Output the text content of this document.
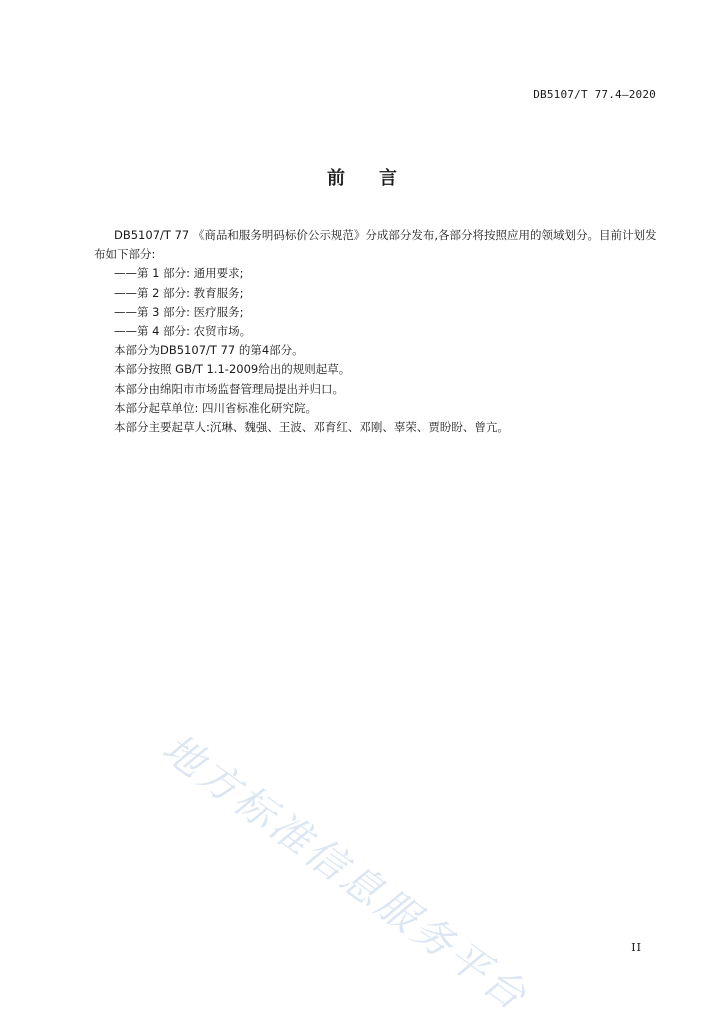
DB5107/T 77.4—2020
前言

DB5107/T 77 《商品和服务明码标价公示规范》分成部分发布,各部分将按照应用的领域划分。目前计划发布如下部分:

——第 1 部分: 通用要求;

——第 2 部分: 教育服务;

——第 3 部分: 医疗服务;

——第 4 部分: 农贸市场。

本部分为DB5107/T 77 的第4部分。

本部分按照 GB/T 1.1-2009给出的规则起草。

本部分由绵阳市市场监督管理局提出并归口。

本部分起草单位: 四川省标准化研究院。

本部分主要起草人:沉琳、魏强、王波、邓育红、邓刚、辜荣、贾盼盼、曾亢。

地方标准信息服务平台	II
